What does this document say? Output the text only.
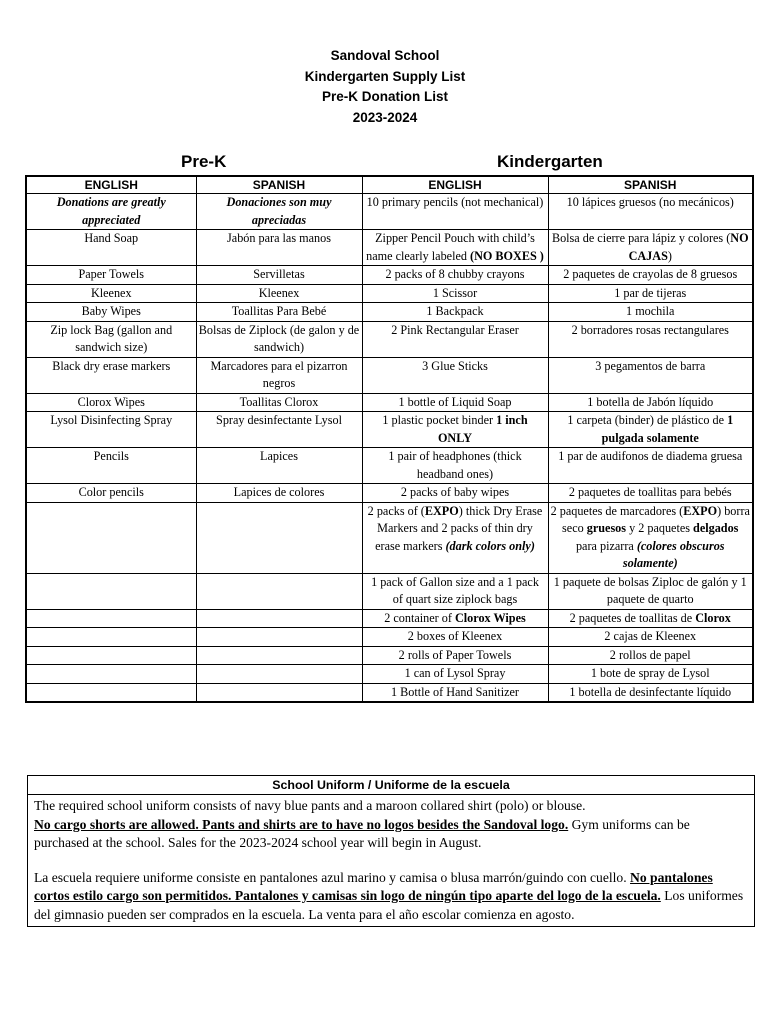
Sandoval School
Kindergarten Supply List
Pre-K Donation List
2023-2024
Pre-K	Kindergarten
ENGLISH	SPANISH	ENGLISH	SPANISH
Donations are greatly appreciated	Donaciones son muy apreciadas	10 primary pencils (not mechanical)	10 lápices gruesos (no mecánicos)
Hand Soap	Jabón para las manos	Zipper Pencil Pouch with child’s name clearly labeled (NO BOXES )	Bolsa de cierre para lápiz y colores (NO CAJAS)
Paper Towels	Servilletas	2 packs of 8 chubby crayons	2 paquetes de crayolas de 8 gruesos
Kleenex	Kleenex	1 Scissor	1 par de tijeras
Baby Wipes	Toallitas Para Bebé	1 Backpack	1 mochila
Zip lock Bag (gallon and sandwich size)	Bolsas de Ziplock (de galon y de sandwich)	2 Pink Rectangular Eraser	2 borradores rosas rectangulares
Black dry erase markers	Marcadores para el pizarron negros	3 Glue Sticks	3 pegamentos de barra
Clorox Wipes	Toallitas Clorox	1 bottle of Liquid Soap	1 botella de Jabón líquido
Lysol Disinfecting Spray	Spray desinfectante Lysol	1 plastic pocket binder 1 inch ONLY	1 carpeta (binder) de plástico de 1 pulgada solamente
Pencils	Lapices	1 pair of headphones (thick headband ones)	1 par de audifonos de diadema gruesa
Color pencils	Lapices de colores	2 packs of baby wipes	2 paquetes de toallitas para bebés
		2 packs of (EXPO) thick Dry Erase Markers and 2 packs of thin dry erase markers (dark colors only)	2 paquetes de marcadores (EXPO) borra seco gruesos y 2 paquetes delgados para pizarra (colores obscuros solamente)
		1 pack of Gallon size and a 1 pack of quart size ziplock bags	1 paquete de bolsas Ziploc de galón y 1 paquete de quarto
		2 container of Clorox Wipes	2 paquetes de toallitas de Clorox
		2 boxes of Kleenex	2 cajas de Kleenex
		2 rolls of Paper Towels	2 rollos de papel
		1 can of Lysol Spray	1 bote de spray de Lysol
		1 Bottle of Hand Sanitizer	1 botella de desinfectante líquido
School Uniform / Uniforme de la escuela

The required school uniform consists of navy blue pants and a maroon collared shirt (polo) or blouse.

No cargo shorts are allowed. Pants and shirts are to have no logos besides the Sandoval logo. Gym uniforms can be purchased at the school. Sales for the 2023-2024 school year will begin in August.

La escuela requiere uniforme consiste en pantalones azul marino y camisa o blusa marrón/guindo con cuello. No pantalones cortos estilo cargo son permitidos. Pantalones y camisas sin logo de ningún tipo aparte del logo de la escuela. Los uniformes del gimnasio pueden ser comprados en la escuela. La venta para el año escolar comienza en agosto.
